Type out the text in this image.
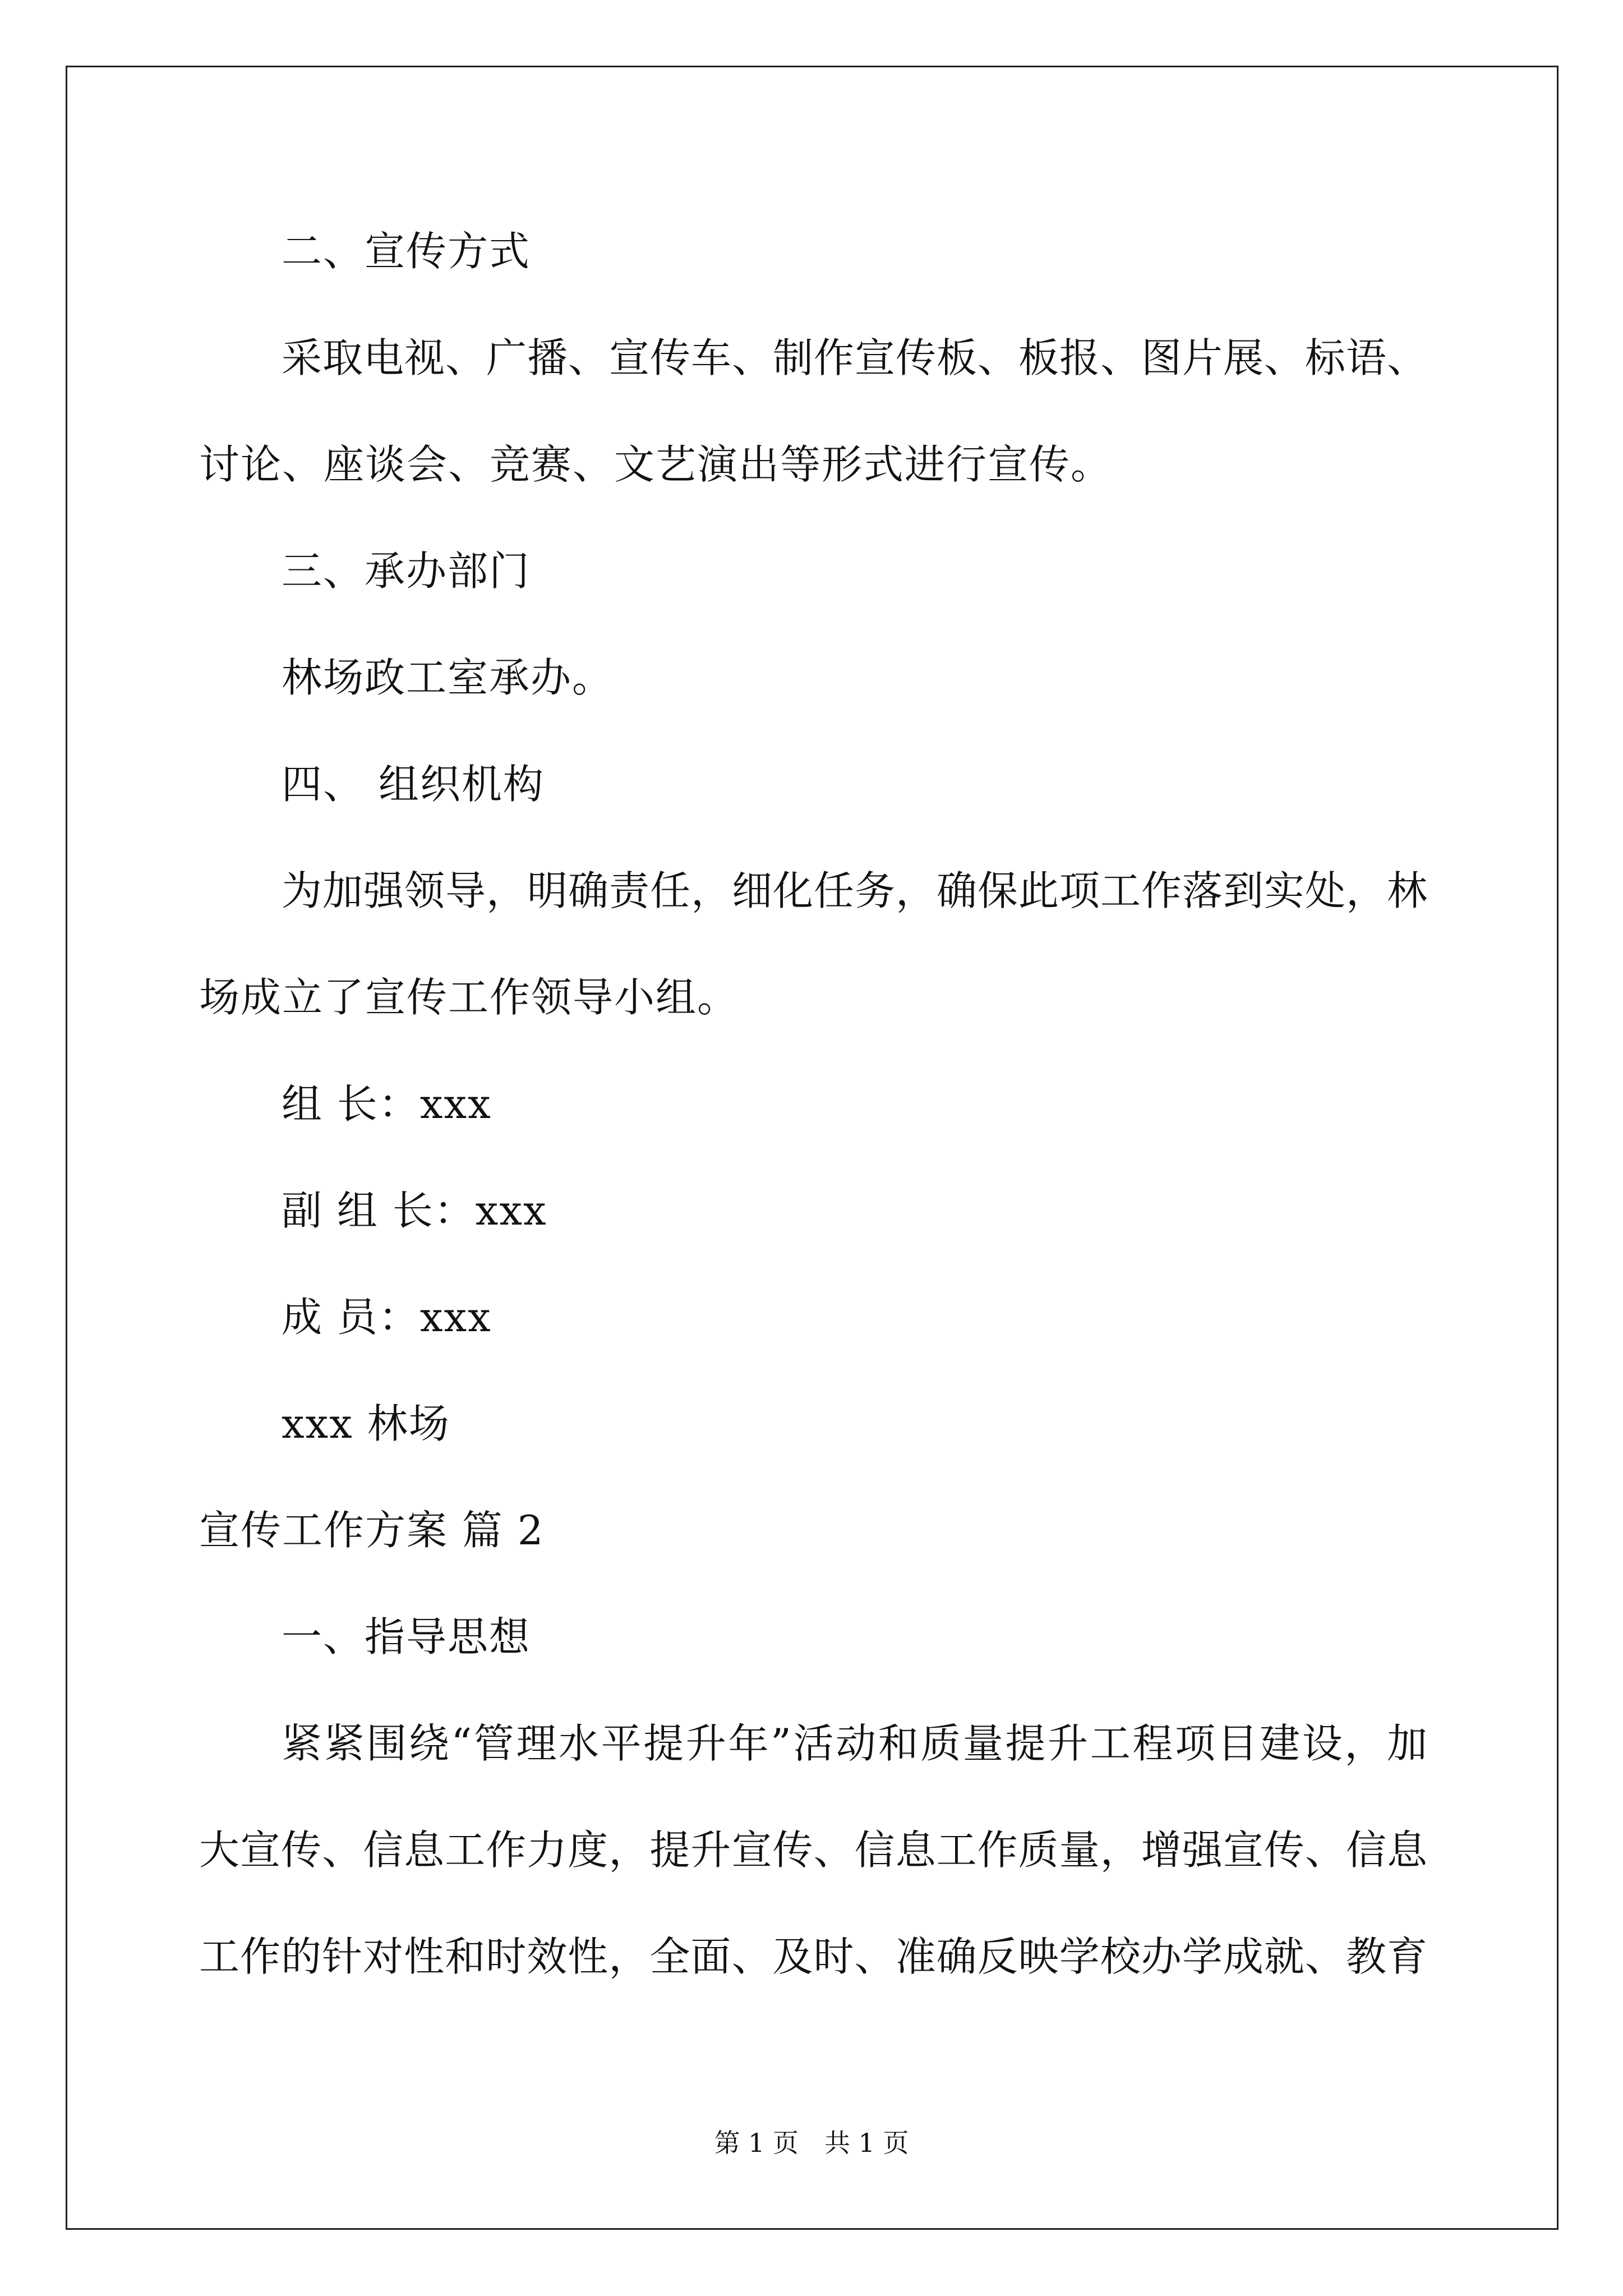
二、宣传方式
采取电视、广播、宣传车、制作宣传板、板报、图片展、标语、
讨论、座谈会、竞赛、文艺演出等形式进行宣传。
三、承办部门
林场政工室承办。
四、 组织机构
为加强领导，明确责任，细化任务，确保此项工作落到实处，林
场成立了宣传工作领导小组。
组 长：xxx
副 组 长：xxx
成 员：xxx
xxx 林场
宣传工作方案 篇 2
一、指导思想
紧紧围绕“管理水平提升年”活动和质量提升工程项目建设，加
大宣传、信息工作力度，提升宣传、信息工作质量，增强宣传、信息
工作的针对性和时效性，全面、及时、准确反映学校办学成就、教育
第 1 页　共 1 页
